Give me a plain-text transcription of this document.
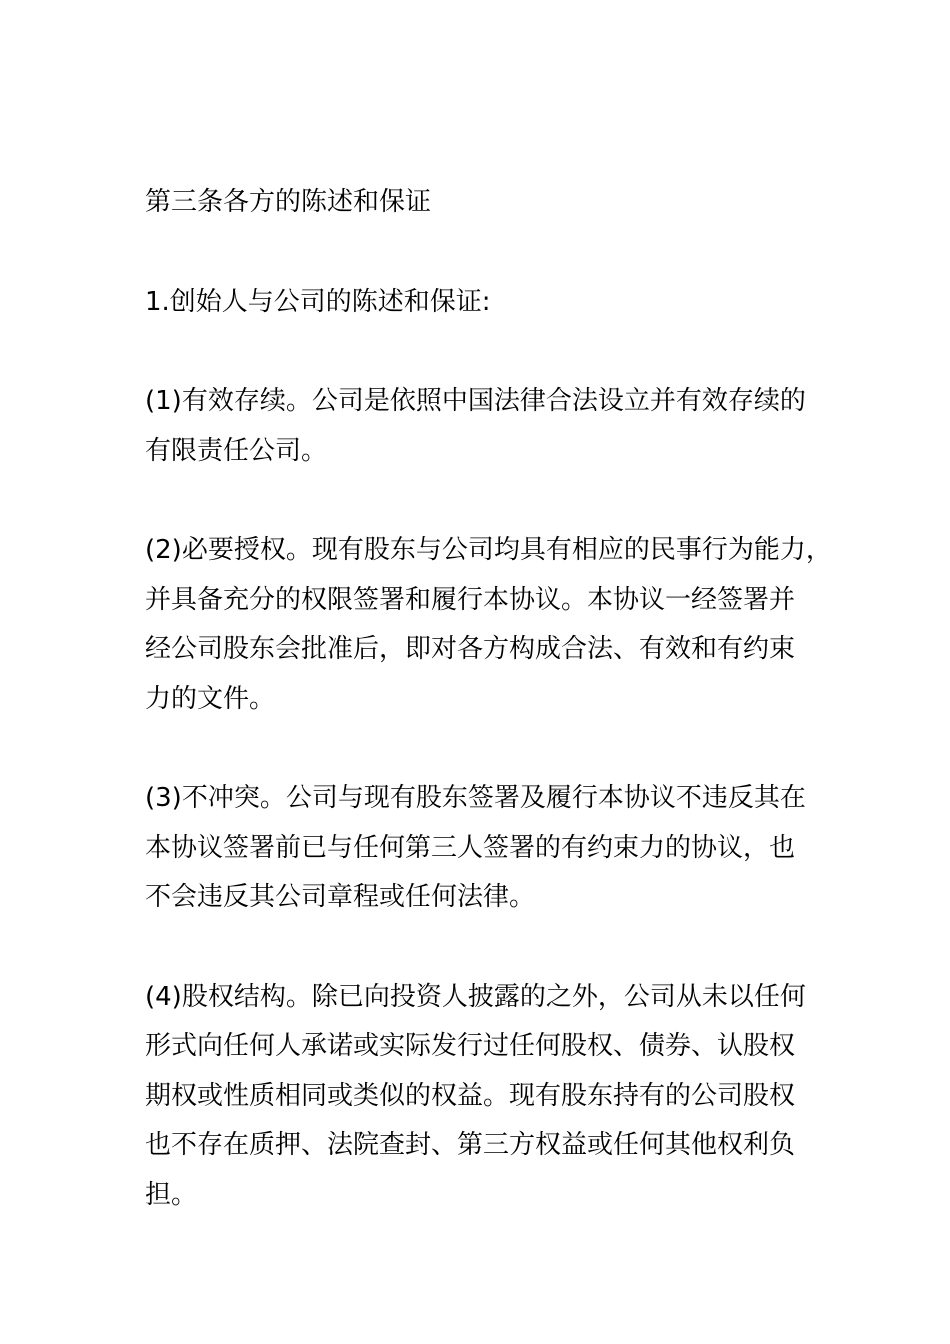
第三条各方的陈述和保证

1.创始人与公司的陈述和保证:

(1)有效存续。公司是依照中国法律合法设立并有效存续的
有限责任公司。

(2)必要授权。现有股东与公司均具有相应的民事行为能力，
并具备充分的权限签署和履行本协议。本协议一经签署并
经公司股东会批准后，即对各方构成合法、有效和有约束
力的文件。

(3)不冲突。公司与现有股东签署及履行本协议不违反其在
本协议签署前已与任何第三人签署的有约束力的协议，也
不会违反其公司章程或任何法律。

(4)股权结构。除已向投资人披露的之外，公司从未以任何
形式向任何人承诺或实际发行过任何股权、债券、认股权
期权或性质相同或类似的权益。现有股东持有的公司股权
也不存在质押、法院查封、第三方权益或任何其他权利负
担。
